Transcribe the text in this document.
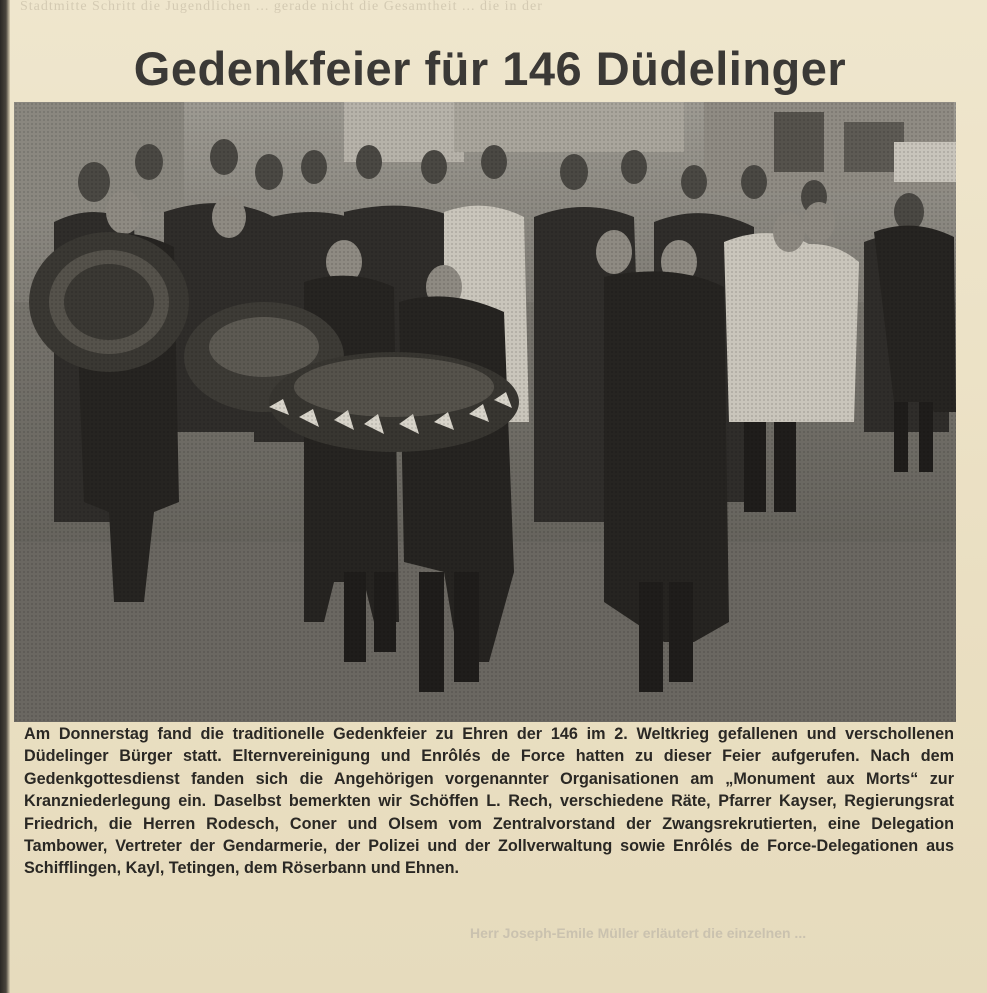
Stadtmitte Schritt die Jugendlichen ... gerade nicht die Gesamtheit ... die in der
Gedenkfeier für 146 Düdelinger

Am Donnerstag fand die traditionelle Gedenkfeier zu Ehren der 146 im 2. Weltkrieg gefallenen und verschollenen Düdelinger Bürger statt. Elternvereinigung und Enrôlés de Force hatten zu dieser Feier aufgerufen. Nach dem Gedenkgottesdienst fanden sich die Angehörigen vorgenannter Organisationen am „Monument aux Morts“ zur Kranzniederlegung ein. Daselbst bemerkten wir Schöffen L. Rech, verschiedene Räte, Pfarrer Kayser, Regierungsrat Friedrich, die Herren Rodesch, Coner und Olsem vom Zentralvorstand der Zwangsrekrutierten, eine Delegation Tambower, Vertreter der Gendarmerie, der Polizei und der Zollverwaltung sowie Enrôlés de Force-Delegationen aus Schifflingen, Kayl, Tetingen, dem Röserbann und Ehnen.

Herr Joseph-Emile Müller erläutert die einzelnen ...
